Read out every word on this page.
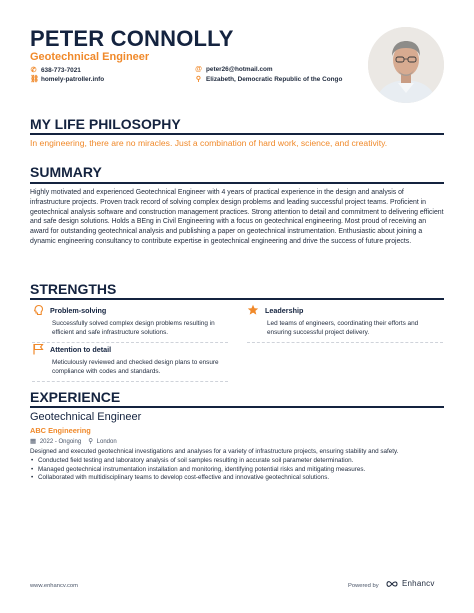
PETER CONNOLLY
Geotechnical Engineer
✆ 638-773-7021	@ peter26@hotmail.com
⛓ homely-patroller.info	⚲ Elizabeth, Democratic Republic of the Congo
MY LIFE PHILOSOPHY
In engineering, there are no miracles. Just a combination of hard work, science, and creativity.
SUMMARY
Highly motivated and experienced Geotechnical Engineer with 4 years of practical experience in the design and analysis of infrastructure projects. Proven track record of solving complex design problems and leading successful project teams. Proficient in geotechnical analysis software and construction management practices. Strong attention to detail and commitment to delivering efficient and safe design solutions. Holds a BEng in Civil Engineering with a focus on geotechnical engineering. Most proud of receiving an award for outstanding geotechnical analysis and publishing a paper on geotechnical instrumentation. Enthusiastic about joining a dynamic engineering consultancy to contribute expertise in geotechnical engineering and drive the success of future projects.
STRENGTHS
Problem-solving
Successfully solved complex design problems resulting in efficient and safe infrastructure solutions.
Leadership
Led teams of engineers, coordinating their efforts and ensuring successful project delivery.
Attention to detail
Meticulously reviewed and checked design plans to ensure compliance with codes and standards.
EXPERIENCE
Geotechnical Engineer
ABC Engineering
▦ 2022 - Ongoing ⚲ London
Designed and executed geotechnical investigations and analyses for a variety of infrastructure projects, ensuring stability and safety.
• Conducted field testing and laboratory analysis of soil samples resulting in accurate soil parameter determination.
• Managed geotechnical instrumentation installation and monitoring, identifying potential risks and mitigating measures.
• Collaborated with multidisciplinary teams to develop cost-effective and innovative geotechnical solutions.
www.enhancv.com	Powered by	Enhancv
